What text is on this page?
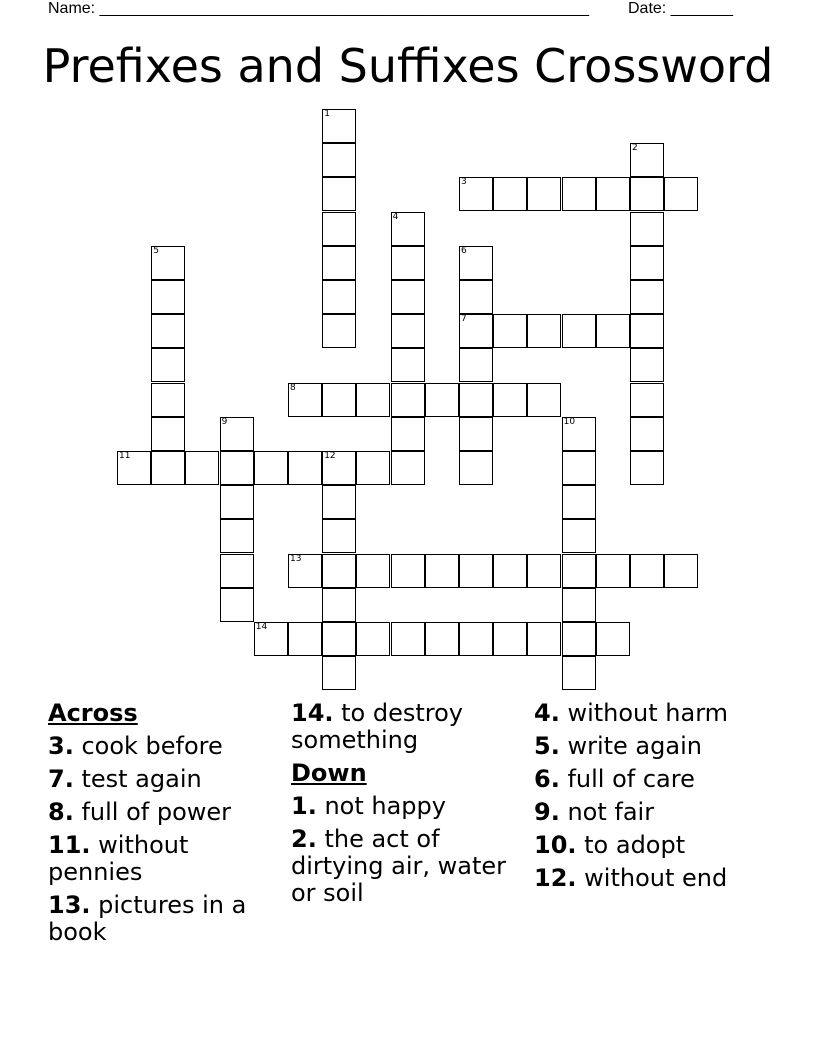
Name: _______________________________________________________ Date: _______
Prefixes and Suffixes Crossword
1
2
3
4
5	6
7
8
9	10
11	12
13
14
Across
3. cook before
7. test again
8. full of power
11. without pennies
13. pictures in a book
14. to destroy something
Down
1. not happy
2. the act of dirtying air, water or soil
4. without harm
5. write again
6. full of care
9. not fair
10. to adopt
12. without end
